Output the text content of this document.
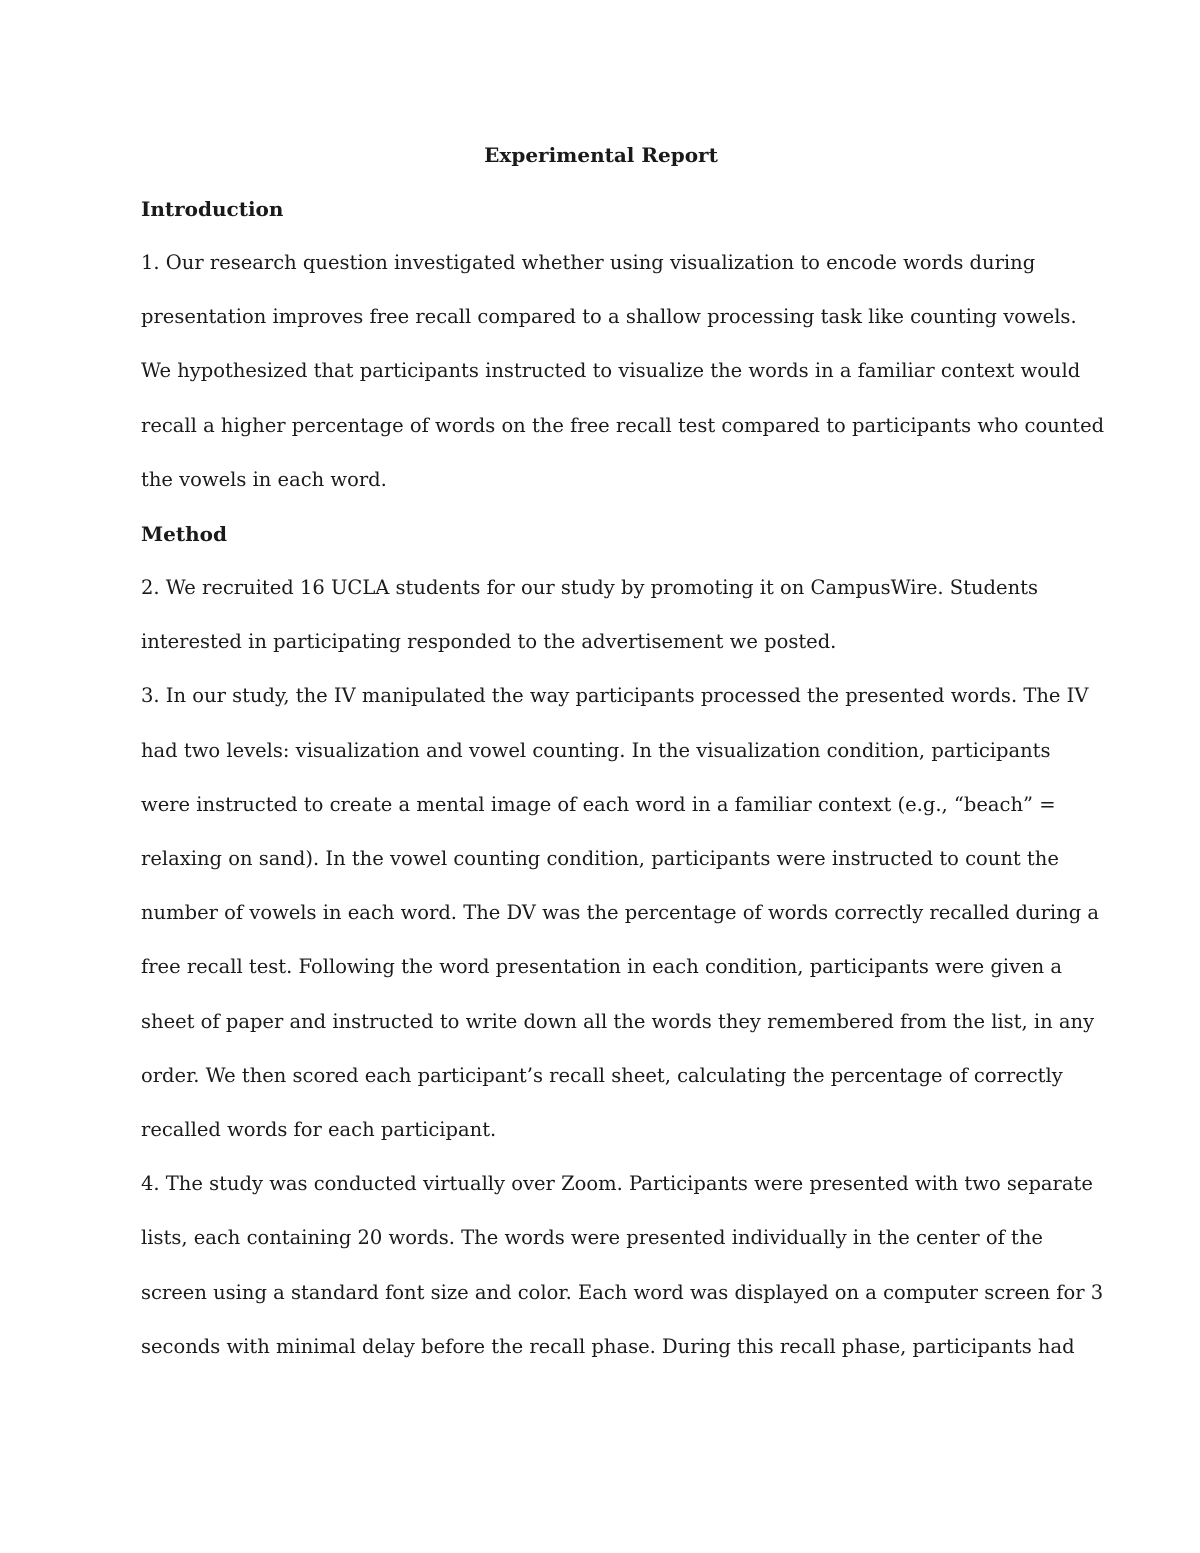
Experimental Report

Introduction

1. Our research question investigated whether using visualization to encode words during
presentation improves free recall compared to a shallow processing task like counting vowels.
We hypothesized that participants instructed to visualize the words in a familiar context would
recall a higher percentage of words on the free recall test compared to participants who counted
the vowels in each word.

Method

2. We recruited 16 UCLA students for our study by promoting it on CampusWire. Students
interested in participating responded to the advertisement we posted.

3. In our study, the IV manipulated the way participants processed the presented words. The IV
had two levels: visualization and vowel counting. In the visualization condition, participants
were instructed to create a mental image of each word in a familiar context (e.g., “beach” =
relaxing on sand). In the vowel counting condition, participants were instructed to count the
number of vowels in each word. The DV was the percentage of words correctly recalled during a
free recall test. Following the word presentation in each condition, participants were given a
sheet of paper and instructed to write down all the words they remembered from the list, in any
order. We then scored each participant’s recall sheet, calculating the percentage of correctly
recalled words for each participant.

4. The study was conducted virtually over Zoom. Participants were presented with two separate
lists, each containing 20 words. The words were presented individually in the center of the
screen using a standard font size and color. Each word was displayed on a computer screen for 3
seconds with minimal delay before the recall phase. During this recall phase, participants had
